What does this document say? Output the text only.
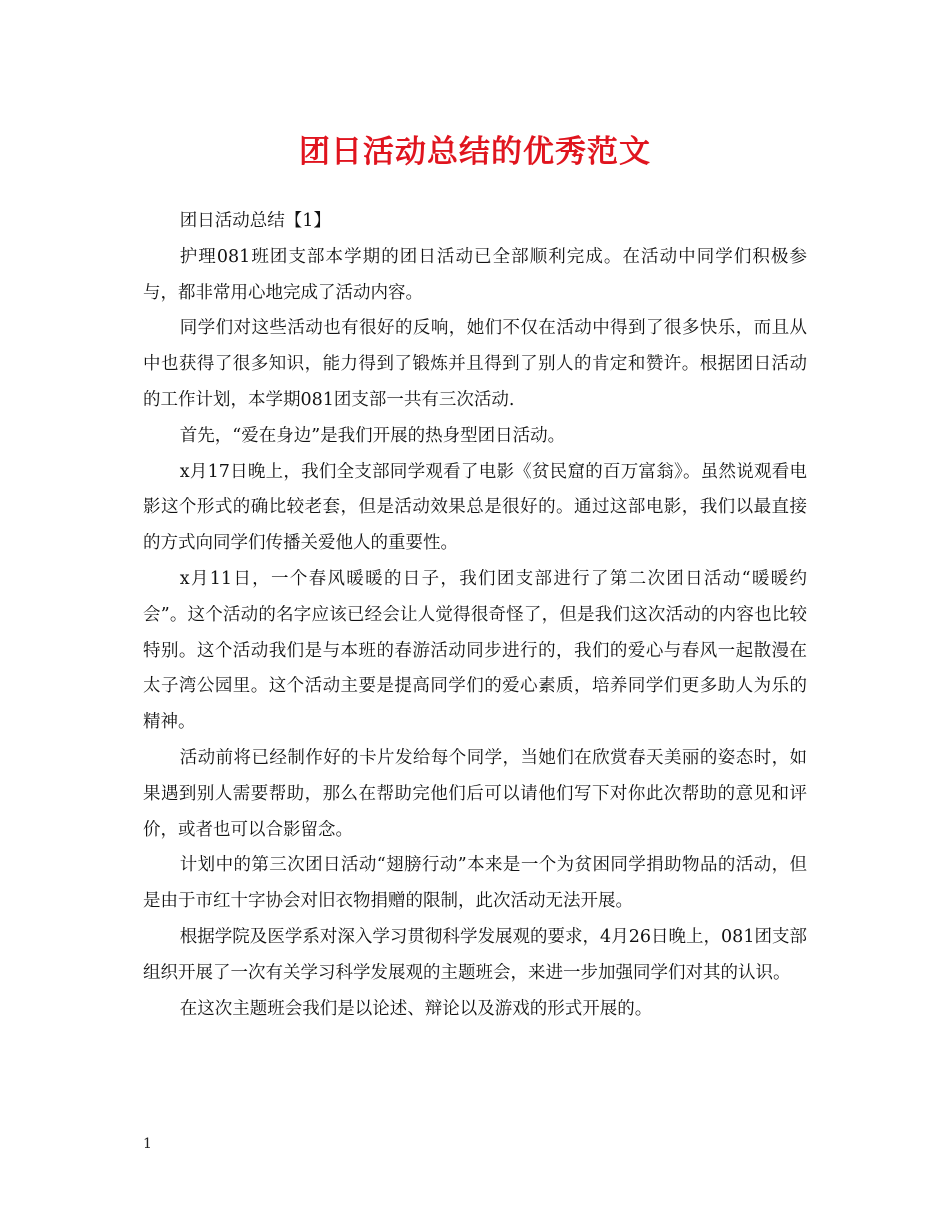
团日活动总结的优秀范文

团日活动总结【1】

护理081班团支部本学期的团日活动已全部顺利完成。在活动中同学们积极参与，都非常用心地完成了活动内容。

同学们对这些活动也有很好的反响，她们不仅在活动中得到了很多快乐，而且从中也获得了很多知识，能力得到了锻炼并且得到了别人的肯定和赞许。根据团日活动的工作计划，本学期081团支部一共有三次活动.

首先，“爱在身边”是我们开展的热身型团日活动。

x月17日晚上，我们全支部同学观看了电影《贫民窟的百万富翁》。虽然说观看电影这个形式的确比较老套，但是活动效果总是很好的。通过这部电影，我们以最直接的方式向同学们传播关爱他人的重要性。

x月11日，一个春风暖暖的日子，我们团支部进行了第二次团日活动“暖暖约会”。这个活动的名字应该已经会让人觉得很奇怪了，但是我们这次活动的内容也比较特别。这个活动我们是与本班的春游活动同步进行的，我们的爱心与春风一起散漫在太子湾公园里。这个活动主要是提高同学们的爱心素质，培养同学们更多助人为乐的精神。

活动前将已经制作好的卡片发给每个同学，当她们在欣赏春天美丽的姿态时，如果遇到别人需要帮助，那么在帮助完他们后可以请他们写下对你此次帮助的意见和评价，或者也可以合影留念。

计划中的第三次团日活动“翅膀行动”本来是一个为贫困同学捐助物品的活动，但是由于市红十字协会对旧衣物捐赠的限制，此次活动无法开展。

根据学院及医学系对深入学习贯彻科学发展观的要求，4月26日晚上，081团支部组织开展了一次有关学习科学发展观的主题班会，来进一步加强同学们对其的认识。

在这次主题班会我们是以论述、辩论以及游戏的形式开展的。

1
